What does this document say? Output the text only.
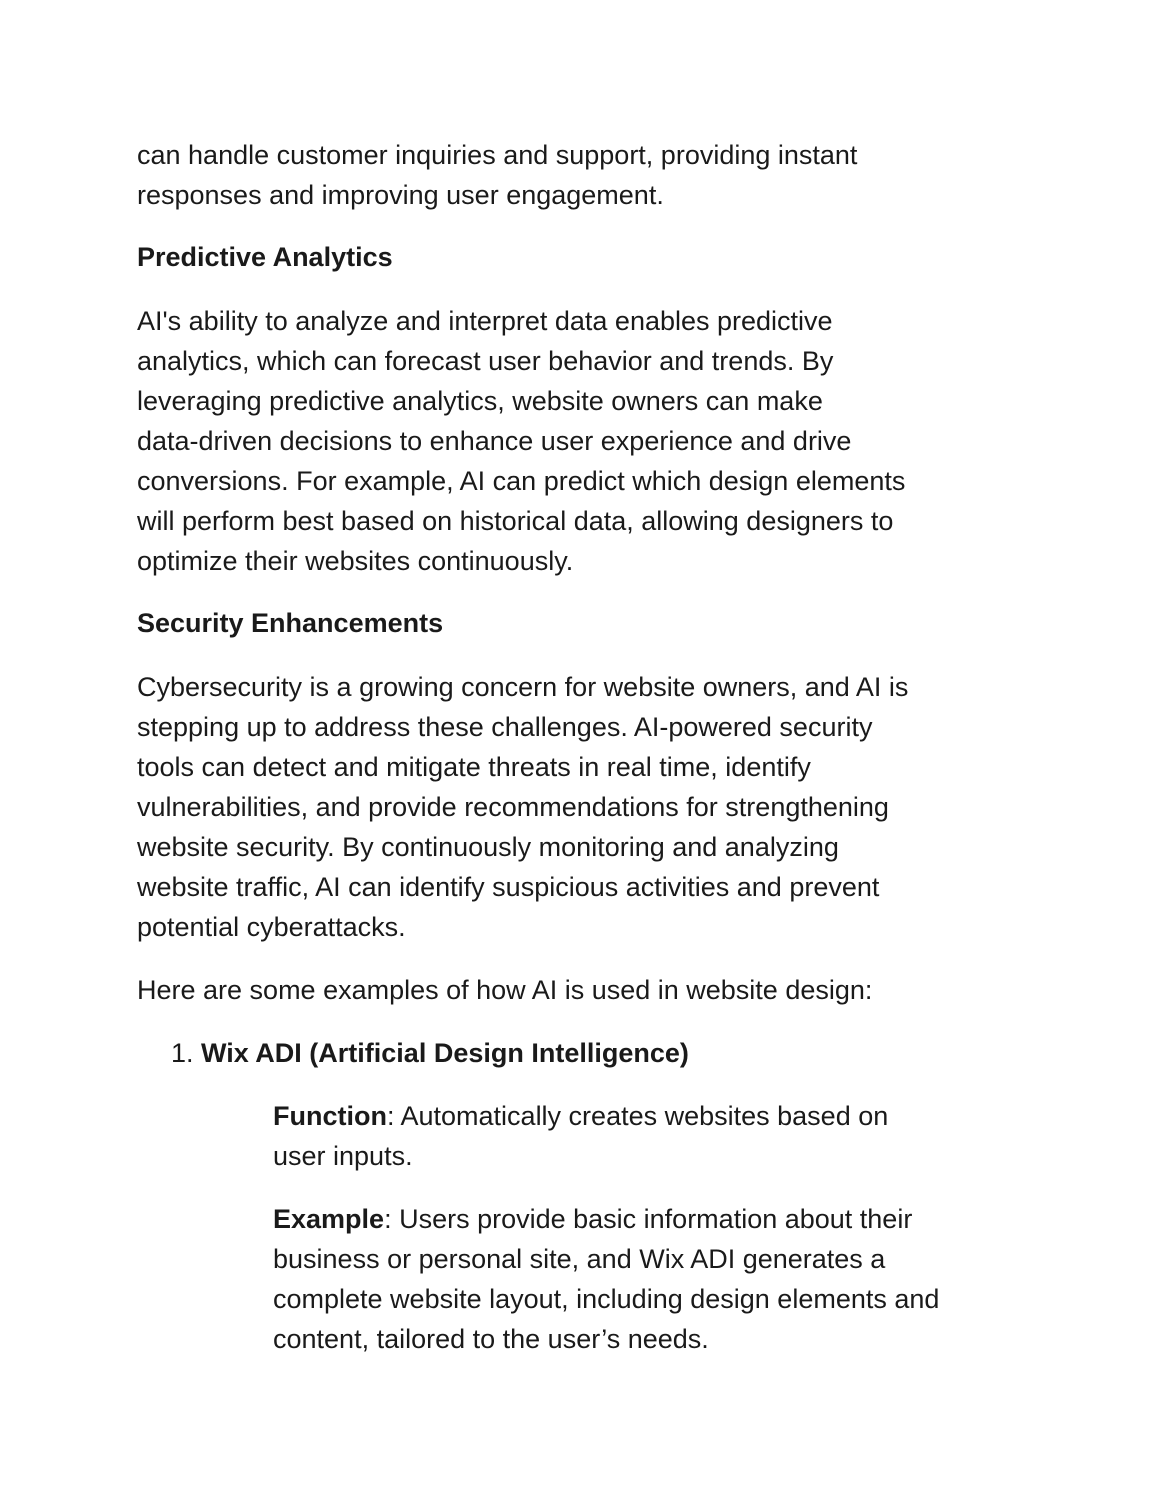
can handle customer inquiries and support, providing instant
responses and improving user engagement.
Predictive Analytics
AI's ability to analyze and interpret data enables predictive
analytics, which can forecast user behavior and trends. By
leveraging predictive analytics, website owners can make
data-driven decisions to enhance user experience and drive
conversions. For example, AI can predict which design elements
will perform best based on historical data, allowing designers to
optimize their websites continuously.
Security Enhancements
Cybersecurity is a growing concern for website owners, and AI is
stepping up to address these challenges. AI-powered security
tools can detect and mitigate threats in real time, identify
vulnerabilities, and provide recommendations for strengthening
website security. By continuously monitoring and analyzing
website traffic, AI can identify suspicious activities and prevent
potential cyberattacks.
Here are some examples of how AI is used in website design:
1. Wix ADI (Artificial Design Intelligence)
Function: Automatically creates websites based on
user inputs.
Example: Users provide basic information about their
business or personal site, and Wix ADI generates a
complete website layout, including design elements and
content, tailored to the user’s needs.
